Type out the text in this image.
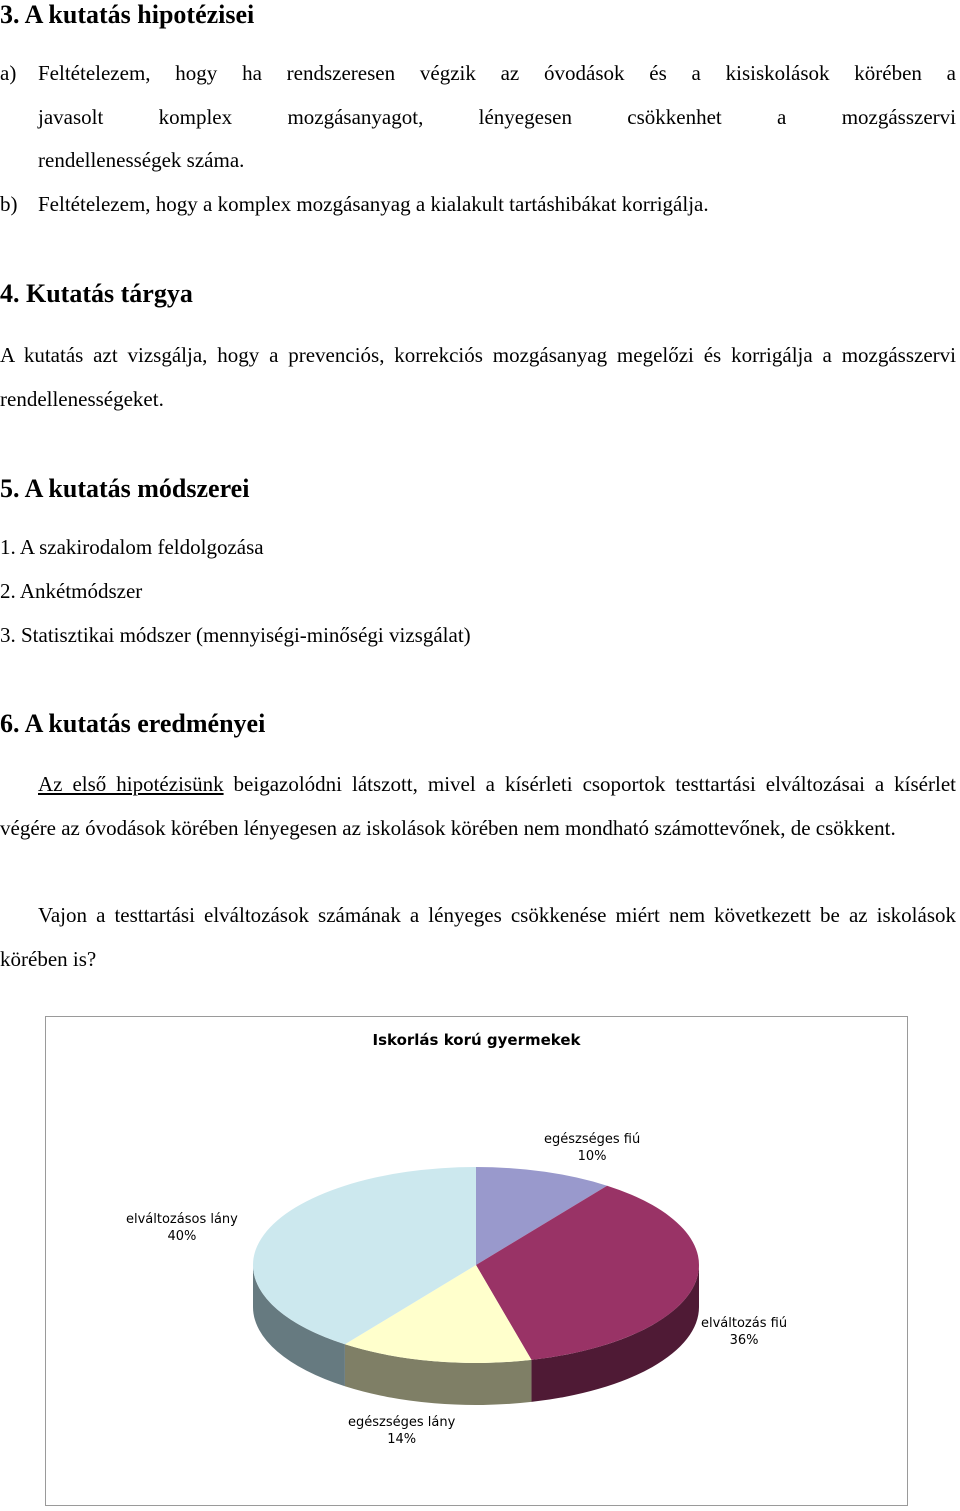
3. A kutatás hipotézisei
a) Feltételezem, hogy ha rendszeresen végzik az óvodások és a kisiskolások körében a
javasolt komplex mozgásanyagot, lényegesen csökkenhet a mozgásszervi
rendellenességek száma.
b) Feltételezem, hogy a komplex mozgásanyag a kialakult tartáshibákat korrigálja.
4. Kutatás tárgya

A kutatás azt vizsgálja, hogy a prevenciós, korrekciós mozgásanyag megelőzi és korrigálja a mozgásszervi rendellenességeket.

5. A kutatás módszerei
1. A szakirodalom feldolgozása
2. Ankétmódszer
3. Statisztikai módszer (mennyiségi-minőségi vizsgálat)
6. A kutatás eredményei

Az első hipotézisünk beigazolódni látszott, mivel a kísérleti csoportok testtartási elváltozásai a kísérlet végére az óvodások körében lényegesen az iskolások körében nem mondható számottevőnek, de csökkent.

Vajon a testtartási elváltozások számának a lényeges csökkenése miért nem következett be az iskolások körében is?

Iskorlás korú gyermekek
egészséges fiú
10%
elváltozás fiú
36%
egészséges lány
14%
elváltozásos lány
40%
